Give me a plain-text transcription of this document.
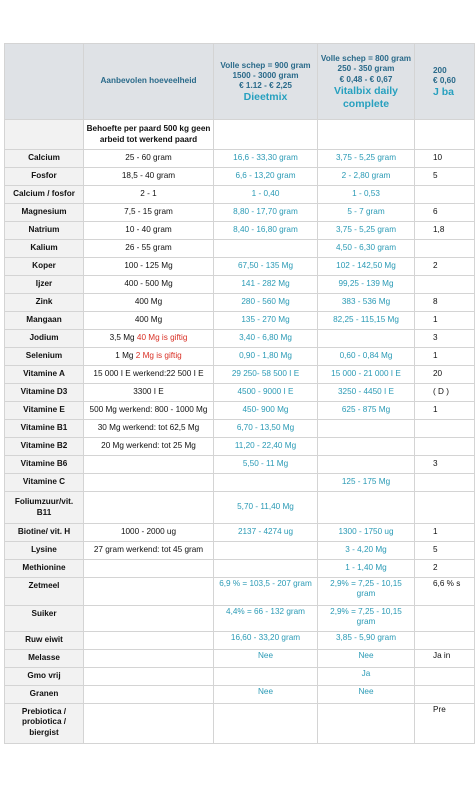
	Aanbevolen hoeveelheid	Volle schep = 900 gram
1500 - 3000 gram
€ 1.12 - € 2,25
Dieetmix	Volle schep = 800 gram
250 - 350 gram
€ 0,48 - € 0,67
Vitalbix daily complete	200
€ 0,60
J ba

	Behoefte per paard 500 kg geen arbeid tot werkend paard			
Calcium	25 - 60 gram	16,6 - 33,30 gram	3,75 - 5,25 gram	10
Fosfor	18,5 - 40 gram	6,6 - 13,20 gram	2 - 2,80 gram	5
Calcium / fosfor	2 - 1	1 - 0,40	1 - 0,53	
Magnesium	7,5 - 15 gram	8,80 - 17,70 gram	5 - 7 gram	6
Natrium	10 - 40 gram	8,40 - 16,80 gram	3,75 - 5,25 gram	1,8
Kalium	26 - 55 gram		4,50 - 6,30 gram	
Koper	100 - 125 Mg	67,50 - 135 Mg	102 - 142,50 Mg	2
Ijzer	400 - 500 Mg	141 - 282 Mg	99,25 - 139 Mg	
Zink	400 Mg	280 - 560 Mg	383 - 536 Mg	8
Mangaan	400 Mg	135 - 270 Mg	82,25 - 115,15 Mg	1
Jodium	3,5 Mg 40 Mg is giftig	3,40 - 6,80 Mg		3
Selenium	1 Mg 2 Mg is giftig	0,90 - 1,80 Mg	0,60 - 0,84 Mg	1
Vitamine A	15 000 I E werkend:22 500 I E	29 250- 58 500 I E	15 000 - 21 000 I E	20
Vitamine D3	3300 I E	4500 - 9000 I E	3250 - 4450 I E	( D )
Vitamine E	500 Mg werkend: 800 - 1000 Mg	450- 900 Mg	625 - 875 Mg	1
Vitamine B1	30 Mg werkend: tot 62,5 Mg	6,70 - 13,50 Mg		
Vitamine B2	20 Mg werkend: tot 25 Mg	11,20 - 22,40 Mg		
Vitamine B6		5,50 - 11 Mg		3
Vitamine C			125 - 175 Mg	
Foliumzuur/vit. B11		5,70 - 11,40 Mg		
Biotine/ vit. H	1000 - 2000 ug	2137 - 4274 ug	1300 - 1750 ug	1
Lysine	27 gram werkend: tot 45 gram		3 - 4,20 Mg	5
Methionine			1 - 1,40 Mg	2
Zetmeel		6,9 % = 103,5 - 207 gram	2,9% = 7,25 - 10,15 gram	6,6 % s
Suiker		4,4% = 66 - 132 gram	2,9% = 7,25 - 10,15 gram	
Ruw eiwit		16,60 - 33,20 gram	3,85 - 5,90 gram	
Melasse		Nee	Nee	Ja in
Gmo vrij			Ja	
Granen		Nee	Nee	
Prebiotica / probiotica / biergist				Pre
